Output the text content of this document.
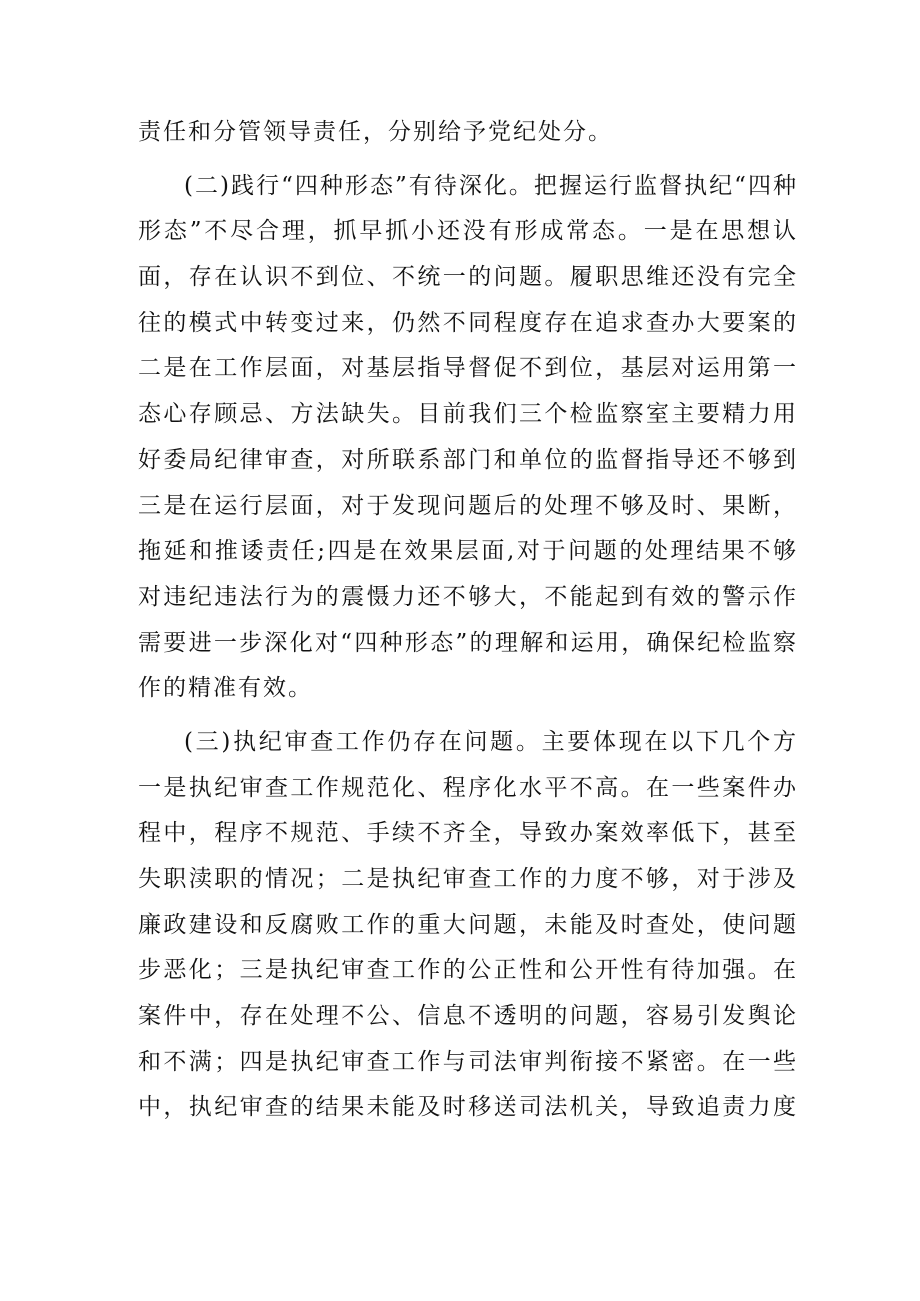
责任和分管领导责任，分别给予党纪处分。
(二)践行“四种形态”有待深化。把握运行监督执纪“四种
形态”不尽合理，抓早抓小还没有形成常态。一是在思想认
面，存在认识不到位、不统一的问题。履职思维还没有完全
往的模式中转变过来，仍然不同程度存在追求查办大要案的
二是在工作层面，对基层指导督促不到位，基层对运用第一
态心存顾忌、方法缺失。目前我们三个检监察室主要精力用
好委局纪律审查，对所联系部门和单位的监督指导还不够到
三是在运行层面，对于发现问题后的处理不够及时、果断，
拖延和推诿责任;四是在效果层面,对于问题的处理结果不够
对违纪违法行为的震慑力还不够大，不能起到有效的警示作
需要进一步深化对“四种形态”的理解和运用，确保纪检监察
作的精准有效。
(三)执纪审查工作仍存在问题。主要体现在以下几个方
一是执纪审查工作规范化、程序化水平不高。在一些案件办
程中，程序不规范、手续不齐全，导致办案效率低下，甚至
失职渎职的情况；二是执纪审查工作的力度不够，对于涉及
廉政建设和反腐败工作的重大问题，未能及时查处，使问题
步恶化；三是执纪审查工作的公正性和公开性有待加强。在
案件中，存在处理不公、信息不透明的问题，容易引发舆论
和不满；四是执纪审查工作与司法审判衔接不紧密。在一些
中，执纪审查的结果未能及时移送司法机关，导致追责力度
